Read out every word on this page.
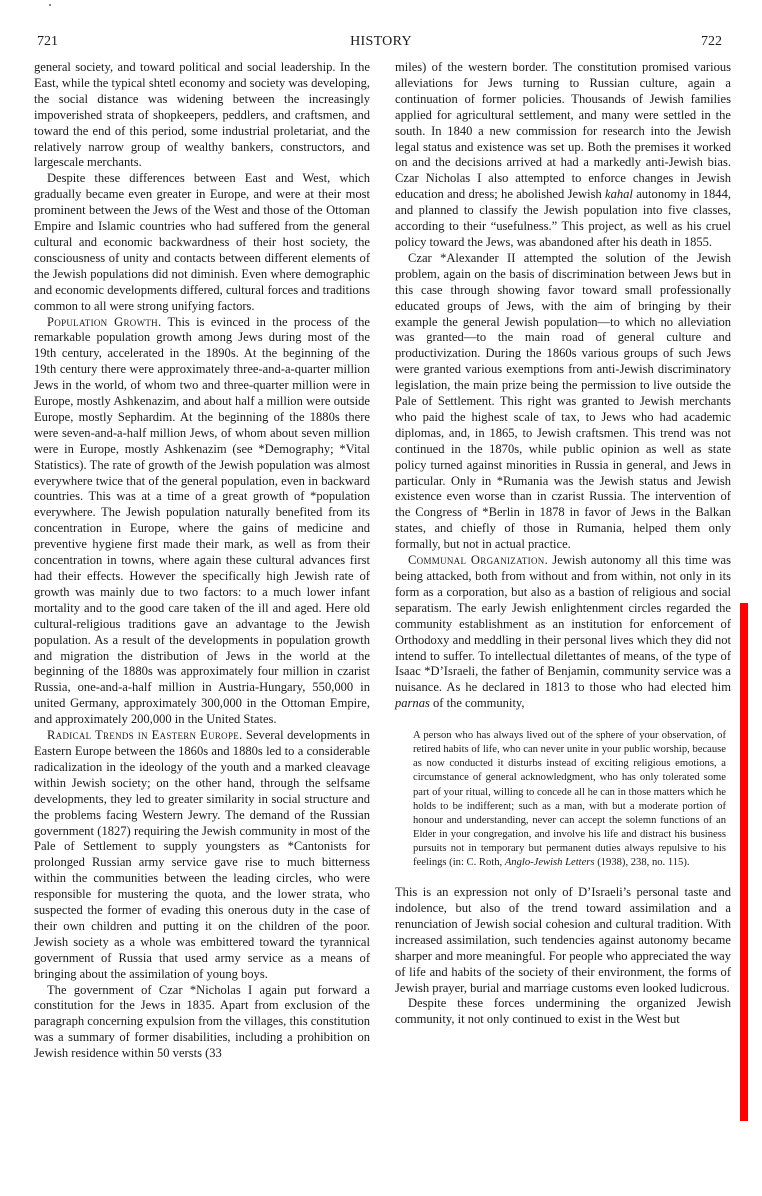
721	HISTORY	722

general society, and toward political and social leadership. In the East, while the typical shtetl economy and society was developing, the social distance was widening between the increasingly impoverished strata of shopkeepers, peddlers, and craftsmen, and toward the end of this period, some industrial proletariat, and the relatively narrow group of wealthy bankers, constructors, and largescale merchants.

Despite these differences between East and West, which gradually became even greater in Europe, and were at their most prominent between the Jews of the West and those of the Ottoman Empire and Islamic countries who had suffered from the general cultural and economic backwardness of their host society, the consciousness of unity and contacts between different elements of the Jewish populations did not diminish. Even where demographic and economic developments differed, cultural forces and traditions common to all were strong unifying factors.

Population Growth. This is evinced in the process of the remarkable population growth among Jews during most of the 19th century, accelerated in the 1890s. At the beginning of the 19th century there were approximately three-and-a-quarter million Jews in the world, of whom two and three-quarter million were in Europe, mostly Ashkenazim, and about half a million were outside Europe, mostly Sephardim. At the beginning of the 1880s there were seven-and-a-half million Jews, of whom about seven million were in Europe, mostly Ashkenazim (see *Demography; *Vital Statistics). The rate of growth of the Jewish population was almost everywhere twice that of the general population, even in backward countries. This was at a time of a great growth of *population everywhere. The Jewish population naturally benefited from its concentration in Europe, where the gains of medicine and preventive hygiene first made their mark, as well as from their concentration in towns, where again these cultural advances first had their effects. However the specifically high Jewish rate of growth was mainly due to two factors: to a much lower infant mortality and to the good care taken of the ill and aged. Here old cultural-religious traditions gave an advantage to the Jewish population. As a result of the developments in population growth and migration the distribution of Jews in the world at the beginning of the 1880s was approximately four million in czarist Russia, one-and-a-half million in Austria-Hungary, 550,000 in united Germany, approximately 300,000 in the Ottoman Empire, and approximately 200,000 in the United States.

Radical Trends in Eastern Europe. Several developments in Eastern Europe between the 1860s and 1880s led to a considerable radicalization in the ideology of the youth and a marked cleavage within Jewish society; on the other hand, through the selfsame developments, they led to greater similarity in social structure and the problems facing Western Jewry. The demand of the Russian government (1827) requiring the Jewish community in most of the Pale of Settlement to supply youngsters as *Cantonists for prolonged Russian army service gave rise to much bitterness within the communities between the leading circles, who were responsible for mustering the quota, and the lower strata, who suspected the former of evading this onerous duty in the case of their own children and putting it on the children of the poor. Jewish society as a whole was embittered toward the tyrannical government of Russia that used army service as a means of bringing about the assimilation of young boys.

The government of Czar *Nicholas I again put forward a constitution for the Jews in 1835. Apart from exclusion of the paragraph concerning expulsion from the villages, this constitution was a summary of former disabilities, including a prohibition on Jewish residence within 50 versts (33

miles) of the western border. The constitution promised various alleviations for Jews turning to Russian culture, again a continuation of former policies. Thousands of Jewish families applied for agricultural settlement, and many were settled in the south. In 1840 a new commission for research into the Jewish legal status and existence was set up. Both the premises it worked on and the decisions arrived at had a markedly anti-Jewish bias. Czar Nicholas I also attempted to enforce changes in Jewish education and dress; he abolished Jewish kahal autonomy in 1844, and planned to classify the Jewish population into five classes, according to their “usefulness.” This project, as well as his cruel policy toward the Jews, was abandoned after his death in 1855.

Czar *Alexander II attempted the solution of the Jewish problem, again on the basis of discrimination between Jews but in this case through showing favor toward small professionally educated groups of Jews, with the aim of bringing by their example the general Jewish population—to which no alleviation was granted—to the main road of general culture and productivization. During the 1860s various groups of such Jews were granted various exemptions from anti-Jewish discriminatory legislation, the main prize being the permission to live outside the Pale of Settlement. This right was granted to Jewish merchants who paid the highest scale of tax, to Jews who had academic diplomas, and, in 1865, to Jewish craftsmen. This trend was not continued in the 1870s, while public opinion as well as state policy turned against minorities in Russia in general, and Jews in particular. Only in *Rumania was the Jewish status and Jewish existence even worse than in czarist Russia. The intervention of the Congress of *Berlin in 1878 in favor of Jews in the Balkan states, and chiefly of those in Rumania, helped them only formally, but not in actual practice.

Communal Organization. Jewish autonomy all this time was being attacked, both from without and from within, not only in its form as a corporation, but also as a bastion of religious and social separatism. The early Jewish enlightenment circles regarded the community establishment as an institution for enforcement of Orthodoxy and meddling in their personal lives which they did not intend to suffer. To intellectual dilettantes of means, of the type of Isaac *D’Israeli, the father of Benjamin, community service was a nuisance. As he declared in 1813 to those who had elected him parnas of the community,

A person who has always lived out of the sphere of your observation, of retired habits of life, who can never unite in your public worship, because as now conducted it disturbs instead of exciting religious emotions, a circumstance of general acknowledgment, who has only tolerated some part of your ritual, willing to concede all he can in those matters which he holds to be indifferent; such as a man, with but a moderate portion of honour and understanding, never can accept the solemn functions of an Elder in your congregation, and involve his life and distract his business pursuits not in temporary but permanent duties always repulsive to his feelings (in: C. Roth, Anglo-Jewish Letters (1938), 238, no. 115).

This is an expression not only of D’Israeli’s personal taste and indolence, but also of the trend toward assimilation and a renunciation of Jewish social cohesion and cultural tradition. With increased assimilation, such tendencies against autonomy became sharper and more meaningful. For people who appreciated the way of life and habits of the society of their environment, the forms of Jewish prayer, burial and marriage customs even looked ludicrous.

Despite these forces undermining the organized Jewish community, it not only continued to exist in the West but
